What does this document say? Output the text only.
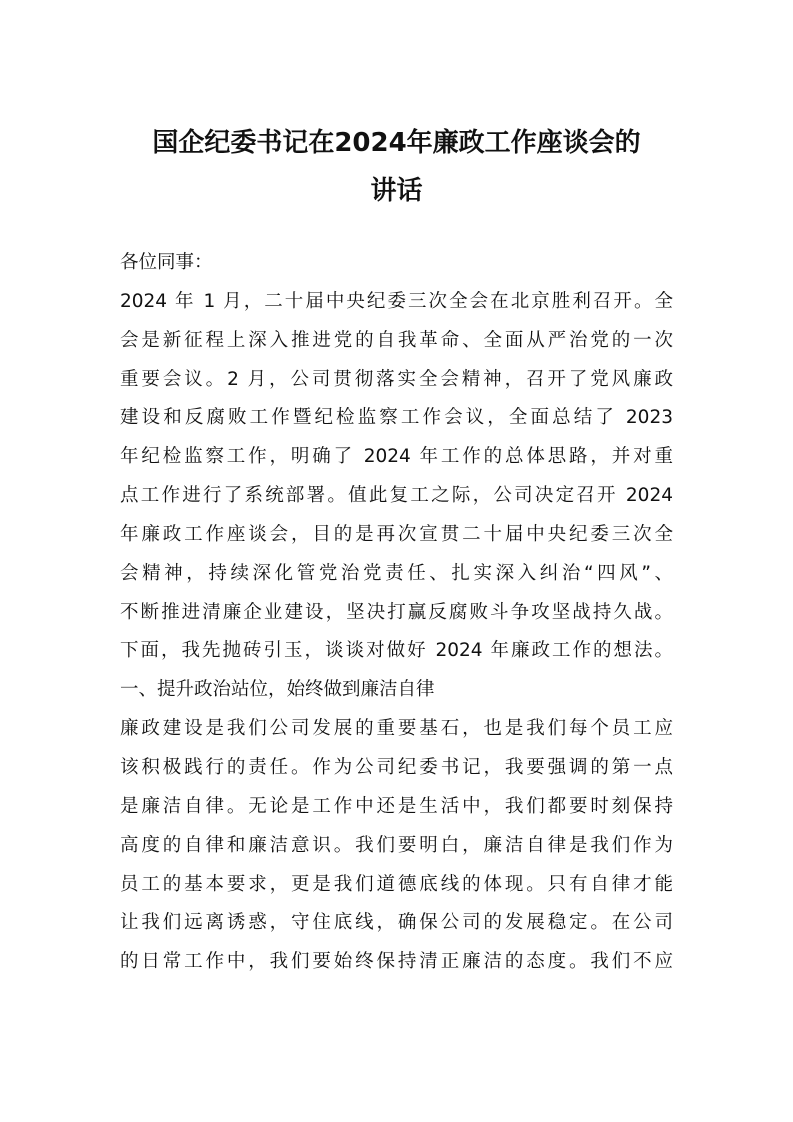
国企纪委书记在2024年廉政工作座谈会的
讲话
各位同事：
2024 年 1 月，二十届中央纪委三次全会在北京胜利召开。全
会是新征程上深入推进党的自我革命、全面从严治党的一次
重要会议。2 月，公司贯彻落实全会精神，召开了党风廉政
建设和反腐败工作暨纪检监察工作会议，全面总结了 2023
年纪检监察工作，明确了 2024 年工作的总体思路，并对重
点工作进行了系统部署。值此复工之际，公司决定召开 2024
年廉政工作座谈会，目的是再次宣贯二十届中央纪委三次全
会精神，持续深化管党治党责任、扎实深入纠治“四风”、
不断推进清廉企业建设，坚决打赢反腐败斗争攻坚战持久战。
下面，我先抛砖引玉，谈谈对做好 2024 年廉政工作的想法。
一、提升政治站位，始终做到廉洁自律
廉政建设是我们公司发展的重要基石，也是我们每个员工应
该积极践行的责任。作为公司纪委书记，我要强调的第一点
是廉洁自律。无论是工作中还是生活中，我们都要时刻保持
高度的自律和廉洁意识。我们要明白，廉洁自律是我们作为
员工的基本要求，更是我们道德底线的体现。只有自律才能
让我们远离诱惑，守住底线，确保公司的发展稳定。在公司
的日常工作中，我们要始终保持清正廉洁的态度。我们不应
